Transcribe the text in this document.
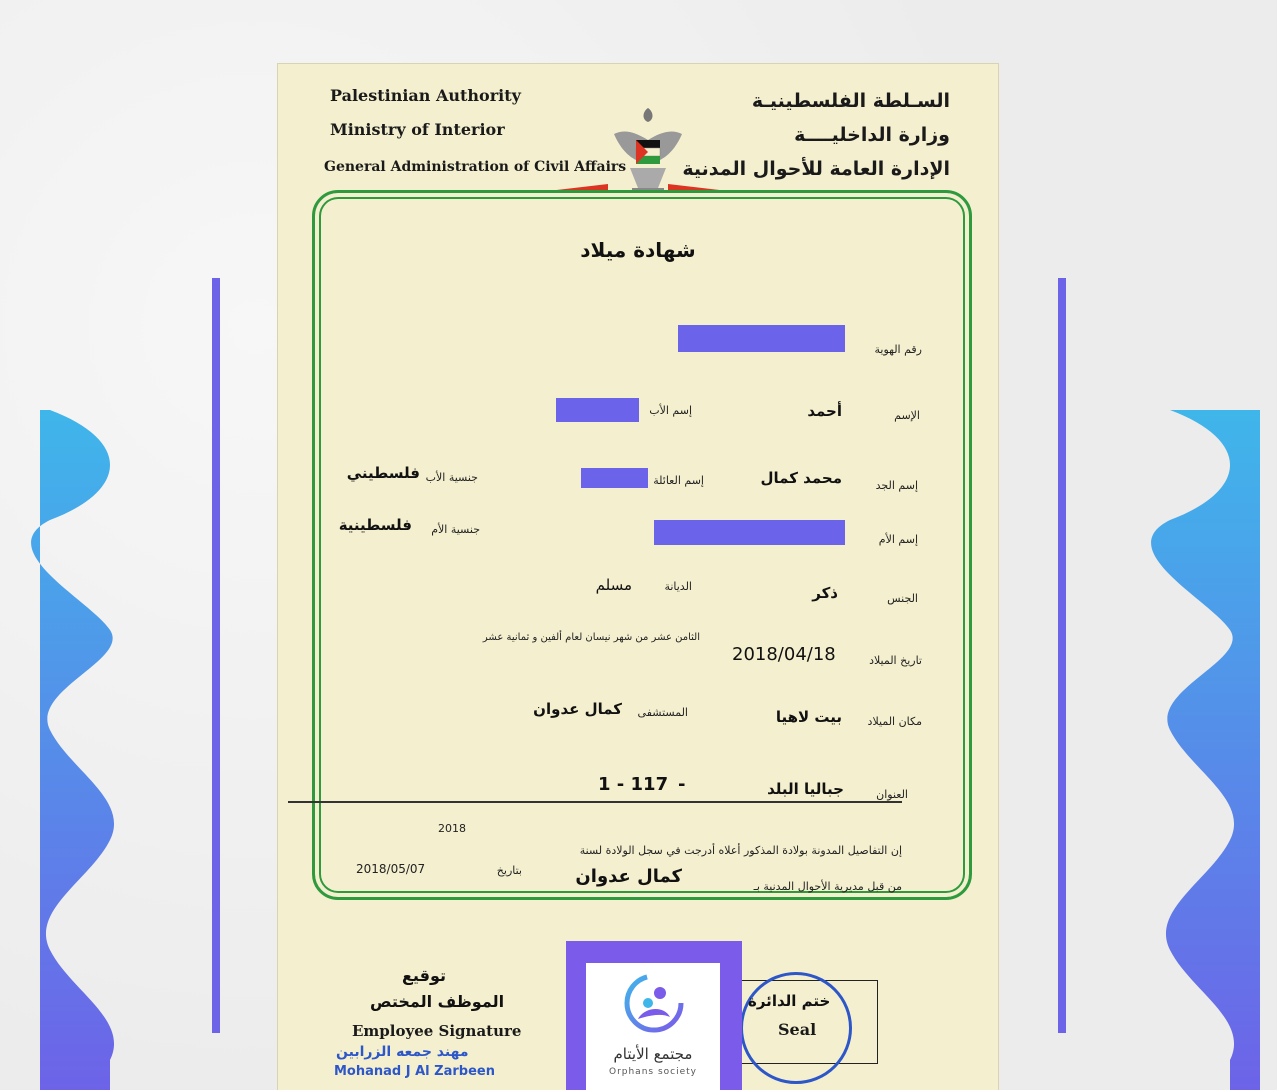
Palestinian Authority
Ministry of Interior
General Administration of Civil Affairs
السـلطة الفلسطينيـة
وزارة الداخليــــة
الإدارة العامة للأحوال المدنية
شهادة ميلاد
رقم الهوية
الإسم
أحمد
إسم الأب
إسم الجد
محمد كمال
إسم العائلة
جنسية الأب
فلسطيني
إسم الأم
جنسية الأم
فلسطينية
الجنس
ذكر
الديانة
مسلم
تاريخ الميلاد
2018/04/18
الثامن عشر من شهر نيسان لعام ألفين و ثمانية عشر
مكان الميلاد
بيت لاهيا
المستشفى
كمال عدوان
العنوان
جباليا البلد
-
1 - 117
2018
إن التفاصيل المدونة بولادة المذكور أعلاه أدرجت في سجل الولادة لسنة
من قبل مديرية الأحوال المدنية بـ
كمال عدوان
بتاريخ
2018/05/07
توقيع
الموظف المختص
Employee Signature
مهند جمعه الزرابين
Mohanad J Al Zarbeen
ختم الدائرة
Seal
مجتمع الأيتام
Orphans society
